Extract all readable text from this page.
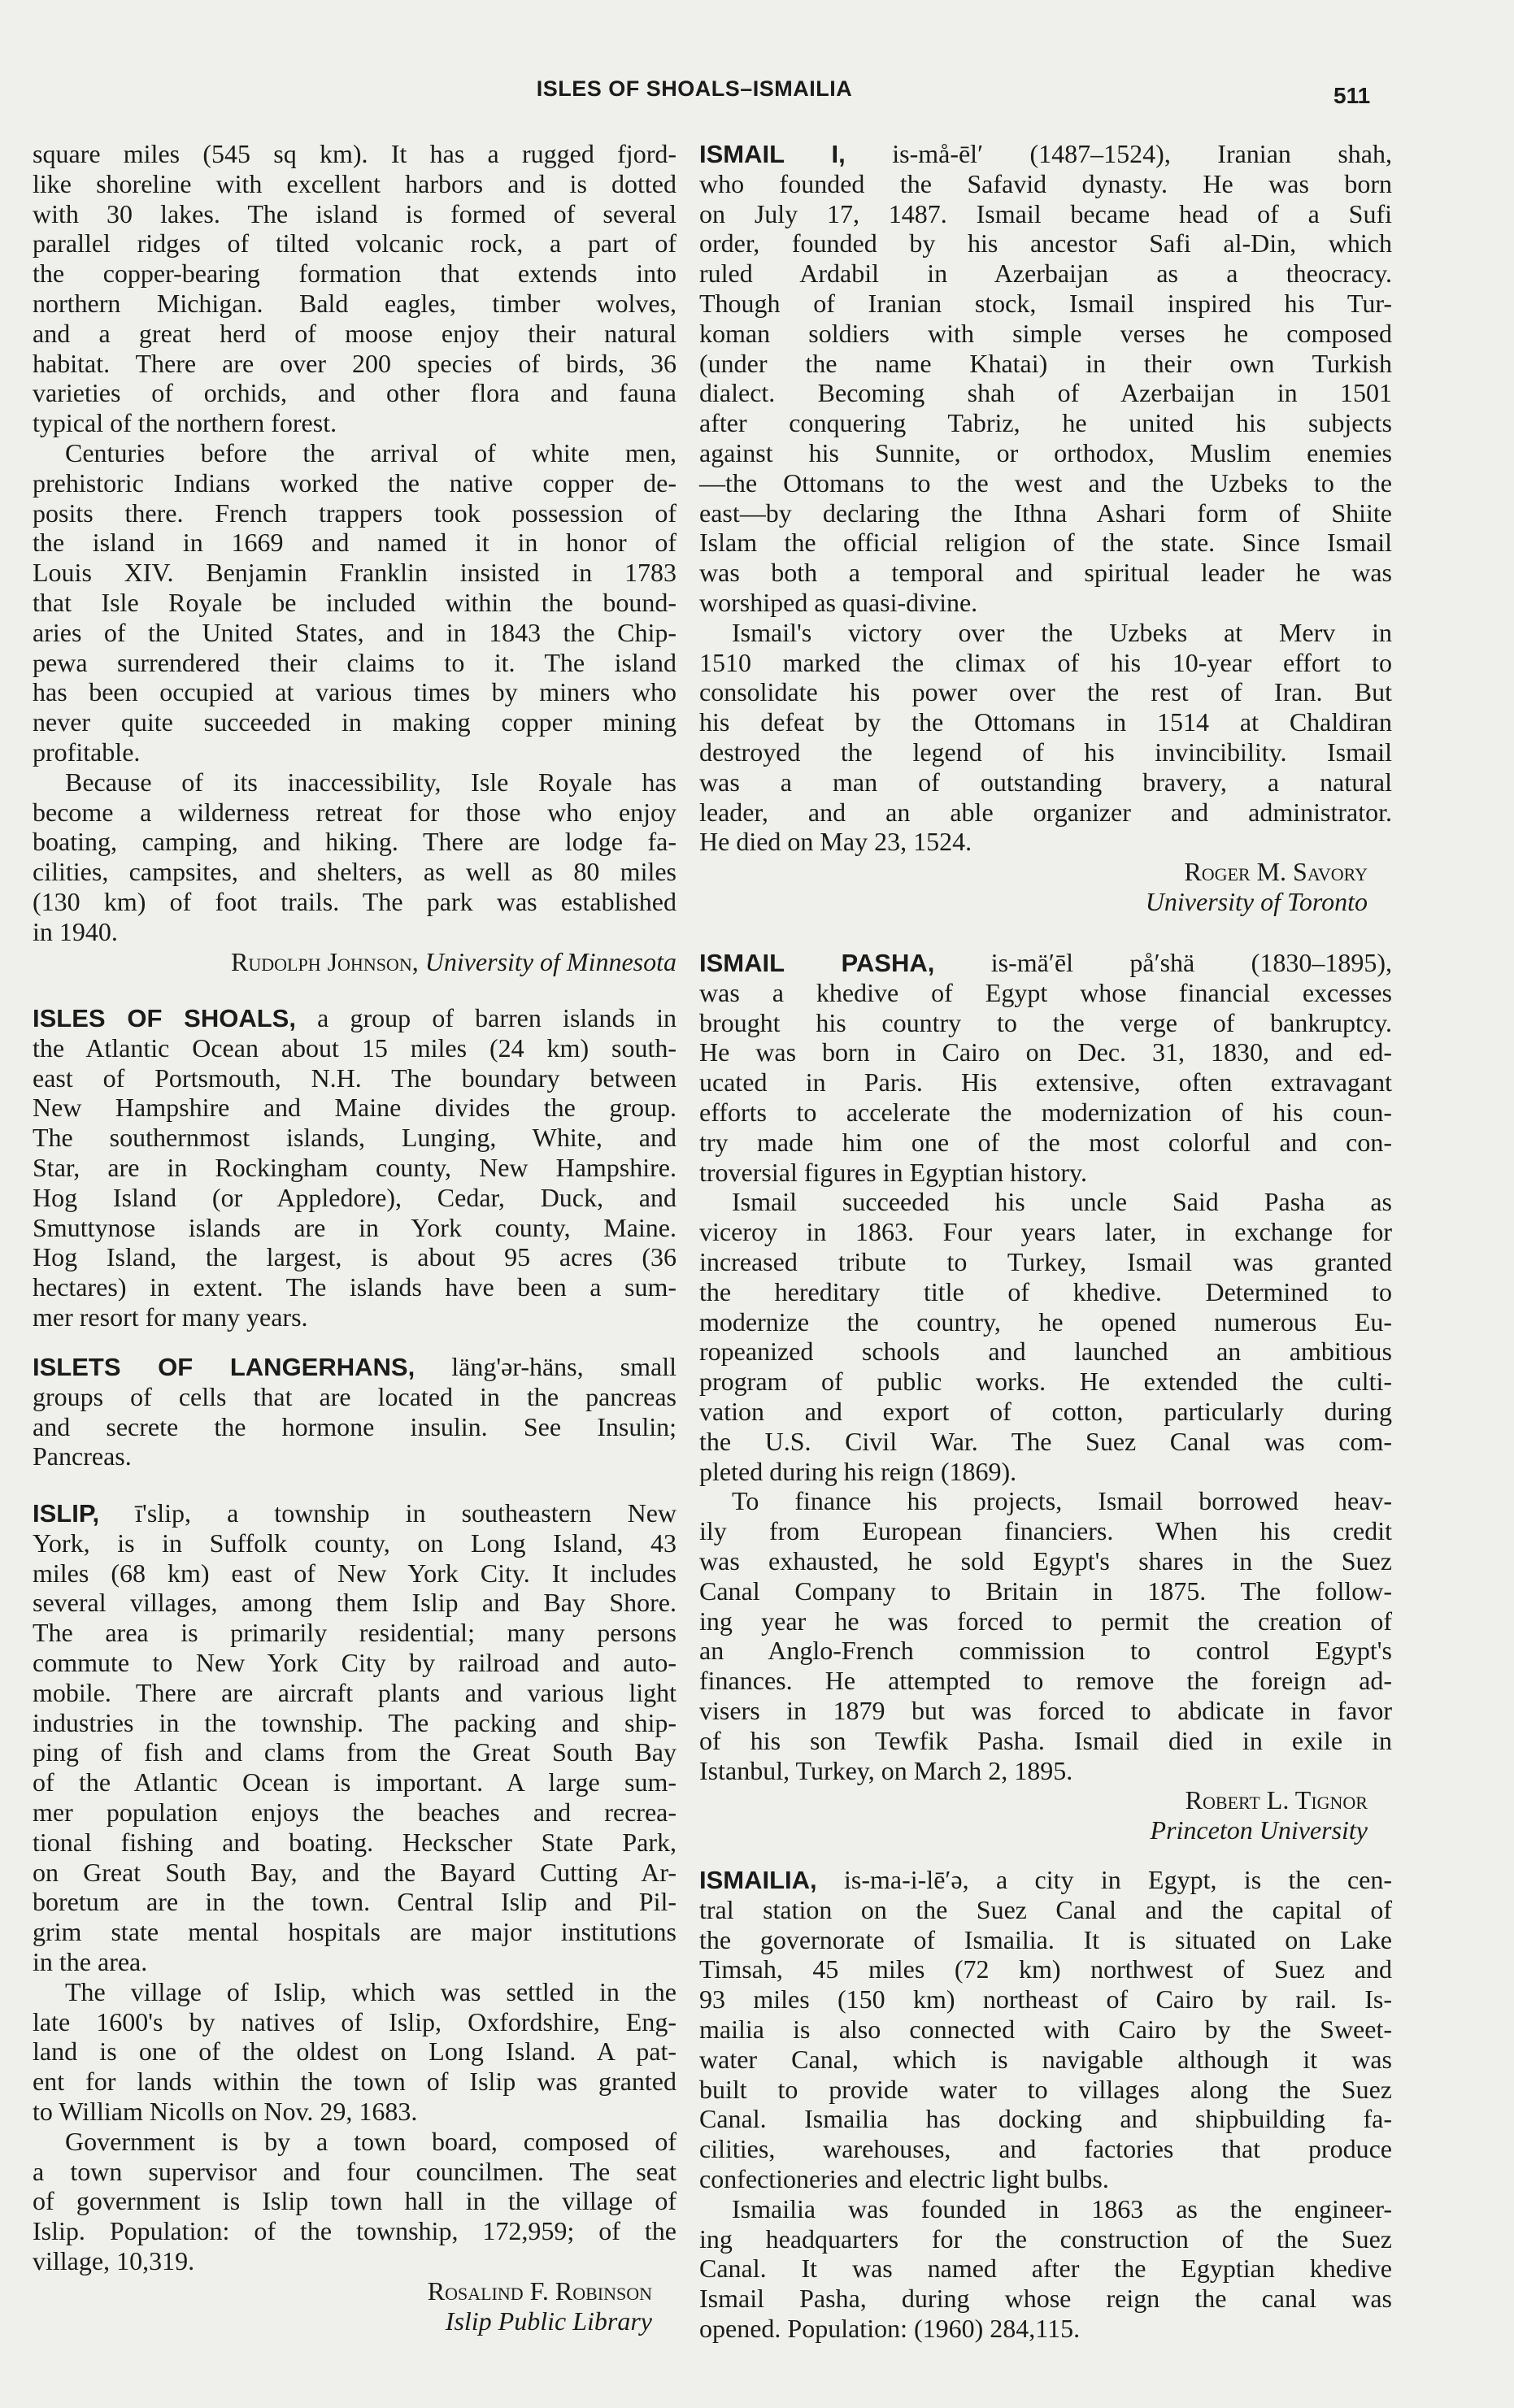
ISLES OF SHOALS–ISMAILIA	511
square miles (545 sq km). It has a rugged fjord-
like shoreline with excellent harbors and is dotted
with 30 lakes. The island is formed of several
parallel ridges of tilted volcanic rock, a part of
the copper-bearing formation that extends into
northern Michigan. Bald eagles, timber wolves,
and a great herd of moose enjoy their natural
habitat. There are over 200 species of birds, 36
varieties of orchids, and other flora and fauna
typical of the northern forest.
Centuries before the arrival of white men,
prehistoric Indians worked the native copper de-
posits there. French trappers took possession of
the island in 1669 and named it in honor of
Louis XIV. Benjamin Franklin insisted in 1783
that Isle Royale be included within the bound-
aries of the United States, and in 1843 the Chip-
pewa surrendered their claims to it. The island
has been occupied at various times by miners who
never quite succeeded in making copper mining
profitable.
Because of its inaccessibility, Isle Royale has
become a wilderness retreat for those who enjoy
boating, camping, and hiking. There are lodge fa-
cilities, campsites, and shelters, as well as 80 miles
(130 km) of foot trails. The park was established
in 1940.
Rudolph Johnson, University of Minnesota
ISLES OF SHOALS, a group of barren islands in
the Atlantic Ocean about 15 miles (24 km) south-
east of Portsmouth, N.H. The boundary between
New Hampshire and Maine divides the group.
The southernmost islands, Lunging, White, and
Star, are in Rockingham county, New Hampshire.
Hog Island (or Appledore), Cedar, Duck, and
Smuttynose islands are in York county, Maine.
Hog Island, the largest, is about 95 acres (36
hectares) in extent. The islands have been a sum-
mer resort for many years.
ISLETS OF LANGERHANS, läng'ər-häns, small
groups of cells that are located in the pancreas
and secrete the hormone insulin. See Insulin;
Pancreas.
ISLIP, ī'slip, a township in southeastern New
York, is in Suffolk county, on Long Island, 43
miles (68 km) east of New York City. It includes
several villages, among them Islip and Bay Shore.
The area is primarily residential; many persons
commute to New York City by railroad and auto-
mobile. There are aircraft plants and various light
industries in the township. The packing and ship-
ping of fish and clams from the Great South Bay
of the Atlantic Ocean is important. A large sum-
mer population enjoys the beaches and recrea-
tional fishing and boating. Heckscher State Park,
on Great South Bay, and the Bayard Cutting Ar-
boretum are in the town. Central Islip and Pil-
grim state mental hospitals are major institutions
in the area.
The village of Islip, which was settled in the
late 1600's by natives of Islip, Oxfordshire, Eng-
land is one of the oldest on Long Island. A pat-
ent for lands within the town of Islip was granted
to William Nicolls on Nov. 29, 1683.
Government is by a town board, composed of
a town supervisor and four councilmen. The seat
of government is Islip town hall in the village of
Islip. Population: of the township, 172,959; of the
village, 10,319.
Rosalind F. Robinson
Islip Public Library
ISMAIL I, is-må-ēl′ (1487–1524), Iranian shah,
who founded the Safavid dynasty. He was born
on July 17, 1487. Ismail became head of a Sufi
order, founded by his ancestor Safi al-Din, which
ruled Ardabil in Azerbaijan as a theocracy.
Though of Iranian stock, Ismail inspired his Tur-
koman soldiers with simple verses he composed
(under the name Khatai) in their own Turkish
dialect. Becoming shah of Azerbaijan in 1501
after conquering Tabriz, he united his subjects
against his Sunnite, or orthodox, Muslim enemies
—the Ottomans to the west and the Uzbeks to the
east—by declaring the Ithna Ashari form of Shiite
Islam the official religion of the state. Since Ismail
was both a temporal and spiritual leader he was
worshiped as quasi-divine.
Ismail's victory over the Uzbeks at Merv in
1510 marked the climax of his 10-year effort to
consolidate his power over the rest of Iran. But
his defeat by the Ottomans in 1514 at Chaldiran
destroyed the legend of his invincibility. Ismail
was a man of outstanding bravery, a natural
leader, and an able organizer and administrator.
He died on May 23, 1524.
Roger M. Savory
University of Toronto
ISMAIL PASHA, is-mä′ēl på′shä (1830–1895),
was a khedive of Egypt whose financial excesses
brought his country to the verge of bankruptcy.
He was born in Cairo on Dec. 31, 1830, and ed-
ucated in Paris. His extensive, often extravagant
efforts to accelerate the modernization of his coun-
try made him one of the most colorful and con-
troversial figures in Egyptian history.
Ismail succeeded his uncle Said Pasha as
viceroy in 1863. Four years later, in exchange for
increased tribute to Turkey, Ismail was granted
the hereditary title of khedive. Determined to
modernize the country, he opened numerous Eu-
ropeanized schools and launched an ambitious
program of public works. He extended the culti-
vation and export of cotton, particularly during
the U.S. Civil War. The Suez Canal was com-
pleted during his reign (1869).
To finance his projects, Ismail borrowed heav-
ily from European financiers. When his credit
was exhausted, he sold Egypt's shares in the Suez
Canal Company to Britain in 1875. The follow-
ing year he was forced to permit the creation of
an Anglo-French commission to control Egypt's
finances. He attempted to remove the foreign ad-
visers in 1879 but was forced to abdicate in favor
of his son Tewfik Pasha. Ismail died in exile in
Istanbul, Turkey, on March 2, 1895.
Robert L. Tignor
Princeton University
ISMAILIA, is-ma-i-lē′ə, a city in Egypt, is the cen-
tral station on the Suez Canal and the capital of
the governorate of Ismailia. It is situated on Lake
Timsah, 45 miles (72 km) northwest of Suez and
93 miles (150 km) northeast of Cairo by rail. Is-
mailia is also connected with Cairo by the Sweet-
water Canal, which is navigable although it was
built to provide water to villages along the Suez
Canal. Ismailia has docking and shipbuilding fa-
cilities, warehouses, and factories that produce
confectioneries and electric light bulbs.
Ismailia was founded in 1863 as the engineer-
ing headquarters for the construction of the Suez
Canal. It was named after the Egyptian khedive
Ismail Pasha, during whose reign the canal was
opened. Population: (1960) 284,115.
